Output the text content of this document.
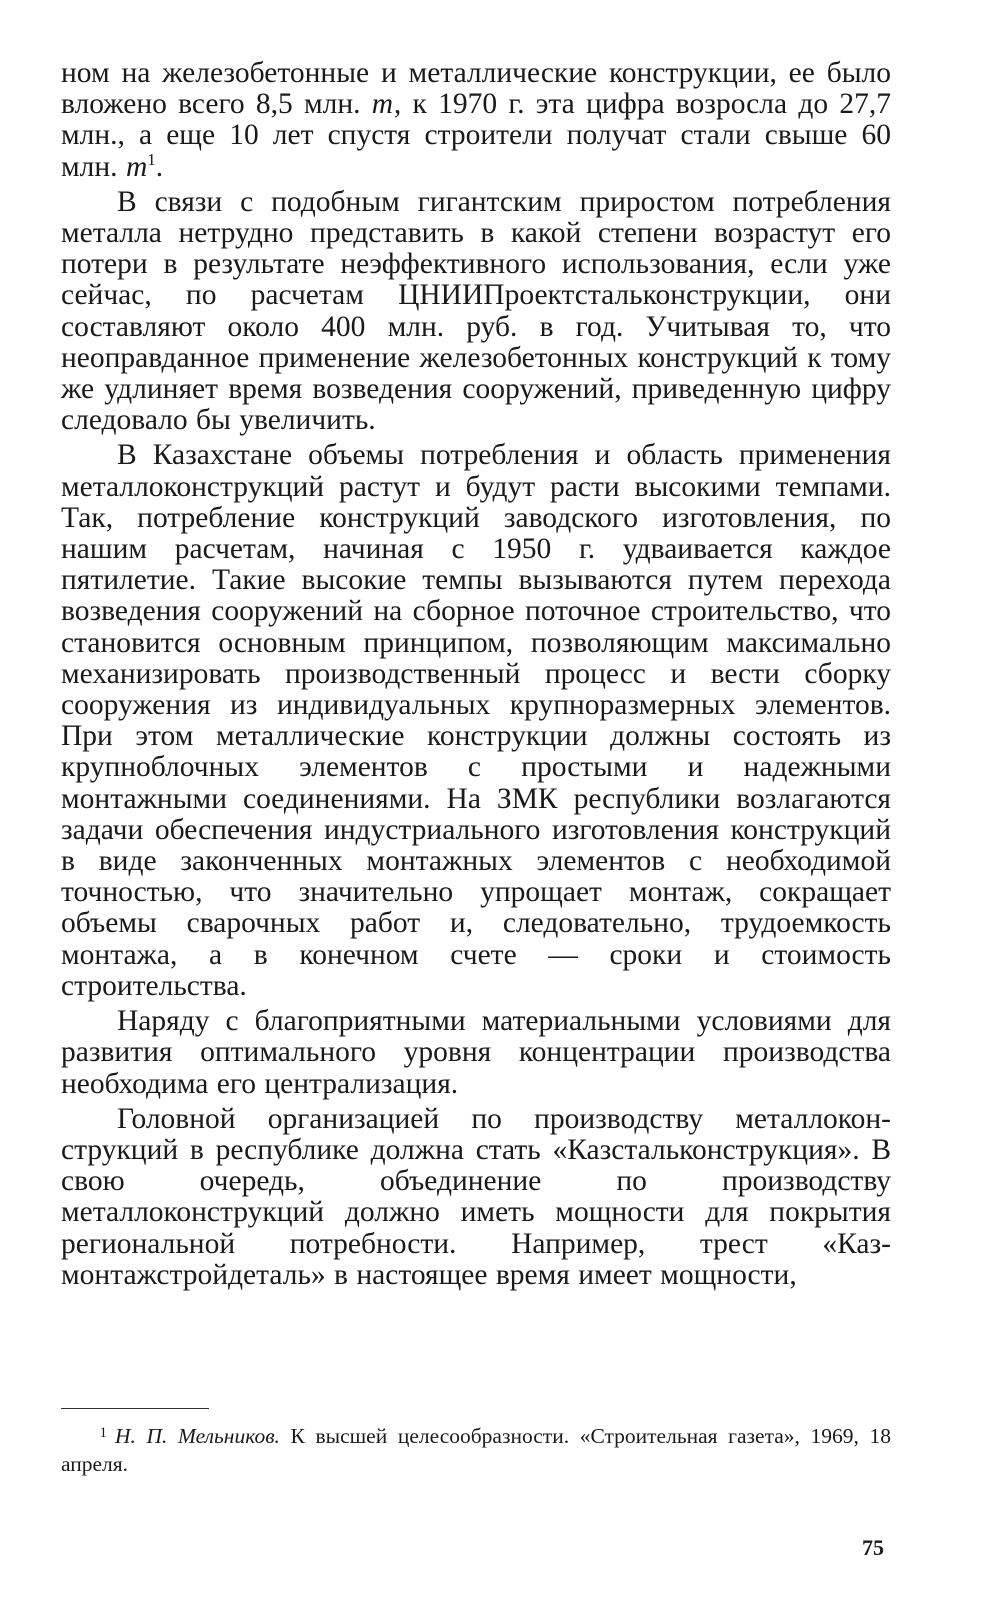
ном на железобетонные и металлические конструкции, ее было вложено всего 8,5 млн. т, к 1970 г. эта цифра возросла до 27,7 млн., а еще 10 лет спустя строители получат стали свыше 60 млн. $т^1$.

В связи с подобным гигантским приростом потребления металла нетрудно представить в какой степени возрастут его потери в результате неэффективного использования, если уже сейчас, по расчетам ЦНИИПроектстальконструкции, они составляют около 400 млн. руб. в год. Учитывая то, что неоправданное применение железобетонных конструкций к тому же удлиняет время возведения сооружений, приведенную цифру следовало бы увеличить.

В Казахстане объемы потребления и область применения металлоконструкций растут и будут расти высокими темпами. Так, потребление конструкций заводского изготовления, по нашим расчетам, начиная с 1950 г. удваивается каждое пятилетие. Такие высокие темпы вызываются путем перехода возведения сооружений на сборное поточное строительство, что становится основным принципом, позволяющим максимально механизировать производственный процесс и вести сборку сооружения из индивидуальных крупноразмерных элементов. При этом металлические конструкции должны состоять из крупноблочных элементов с простыми и надежными монтажными соединениями. На ЗМК республики возлагаются задачи обеспечения индустриального изготовления конструкций в виде законченных монтажных элементов с необходимой точностью, что значительно упрощает монтаж, сокращает объемы сварочных работ и, следовательно, трудоемкость монтажа, а в конечном счете — сроки и стоимость строительства.

Наряду с благоприятными материальными условиями для развития оптимального уровня концентрации производства необходима его централизация.

Головной организацией по производству металлоконструкций в республике должна стать «Казстальконструкция». В свою очередь, объединение по производству металлоконструкций должно иметь мощности для покрытия региональной потребности. Например, трест «Казмонтажстройдеталь» в настоящее время имеет мощности,

1 Н. П. Мельников. К высшей целесообразности. «Строительная газета», 1969, 18 апреля.

75
